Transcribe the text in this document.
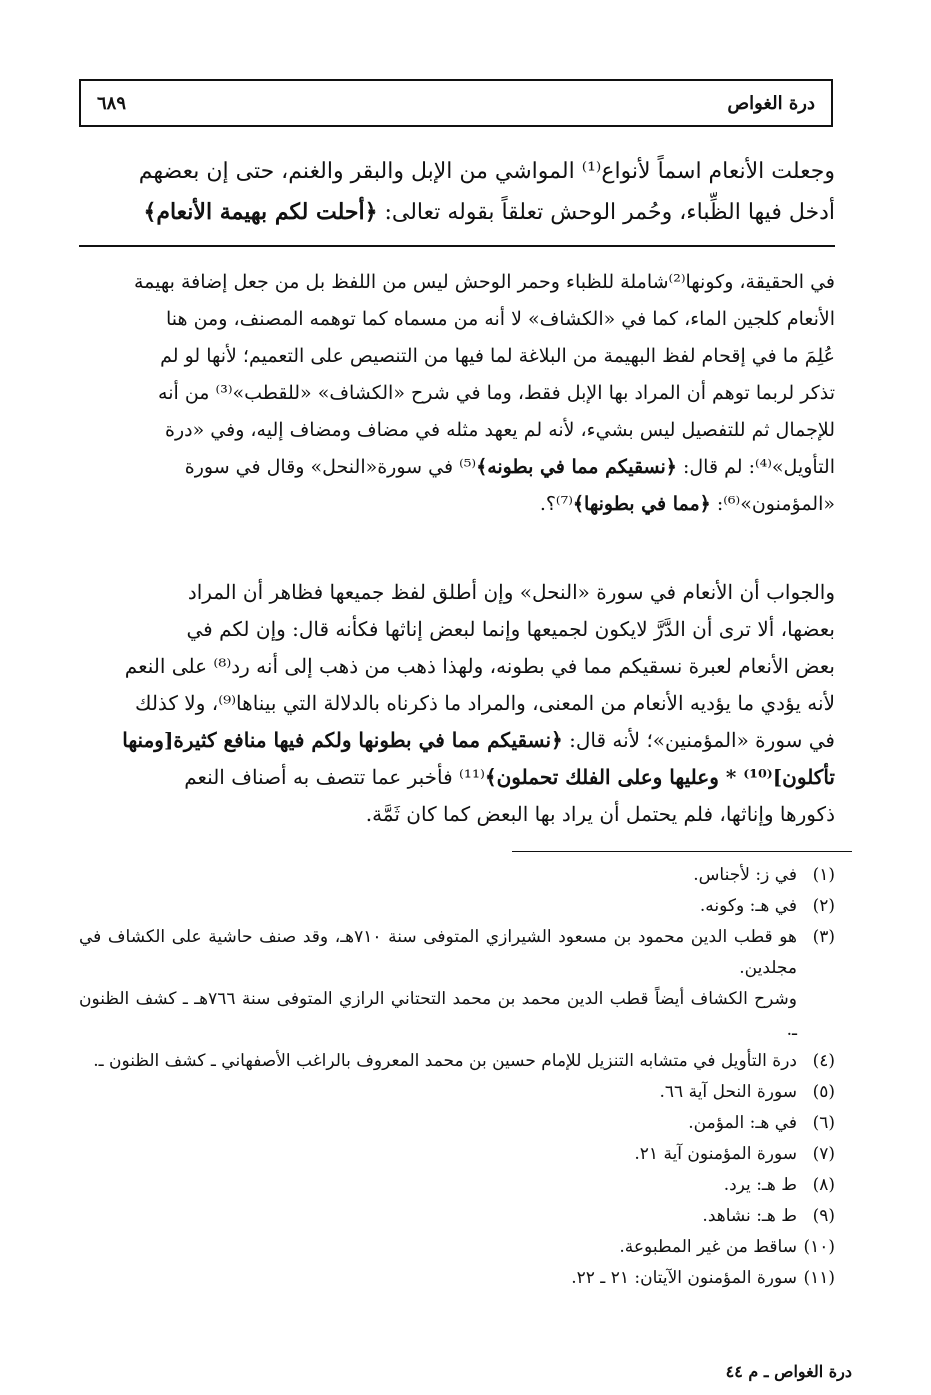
درة الغواص
٦٨٩
وجعلت الأنعام اسماً لأنواع⁽¹⁾ المواشي من الإبل والبقر والغنم، حتى إن بعضهم
أدخل فيها الظِّباء، وحُمر الوحش تعلقاً بقوله تعالى: ﴿أحلت لكم بهيمة الأنعام﴾
في الحقيقة، وكونها⁽²⁾شاملة للظباء وحمر الوحش ليس من اللفظ بل من جعل إضافة بهيمة
الأنعام كلجين الماء، كما في «الكشاف» لا أنه من مسماه كما توهمه المصنف، ومن هنا
عُلِمَ ما في إقحام لفظ البهيمة من البلاغة لما فيها من التنصيص على التعميم؛ لأنها لو لم
تذكر لربما توهم أن المراد بها الإبل فقط، وما في شرح «الكشاف» «للقطب»⁽³⁾ من أنه
للإجمال ثم للتفصيل ليس بشيء، لأنه لم يعهد مثله في مضاف ومضاف إليه، وفي «درة
التأويل»⁽⁴⁾: لم قال: ﴿نسقيكم مما في بطونه﴾⁽⁵⁾ في سورة«النحل» وقال في سورة
«المؤمنون»⁽⁶⁾: ﴿مما في بطونها﴾⁽⁷⁾؟.
والجواب أن الأنعام في سورة «النحل» وإن أطلق لفظ جميعها فظاهر أن المراد
بعضها، ألا ترى أن الدَّرَّ لايكون لجميعها وإنما لبعض إناثها فكأنه قال: وإن لكم في
بعض الأنعام لعبرة نسقيكم مما في بطونه، ولهذا ذهب من ذهب إلى أنه رد⁽⁸⁾ على النعم
لأنه يؤدي ما يؤديه الأنعام من المعنى، والمراد ما ذكرناه بالدلالة التي بيناها⁽⁹⁾، ولا كذلك
في سورة «المؤمنين»؛ لأنه قال: ﴿نسقيكم مما في بطونها ولكم فيها منافع كثيرة[ومنها
تأكلون]⁽¹⁰⁾ * وعليها وعلى الفلك تحملون﴾⁽¹¹⁾ فأخبر عما تتصف به أصناف النعم
ذكورها وإناثها، فلم يحتمل أن يراد بها البعض كما كان ثَمَّة.
(١)
في ز: لأجناس.
(٢)
في هـ: وكونه.
(٣)
هو قطب الدين محمود بن مسعود الشيرازي المتوفى سنة ٧١٠هـ، وقد صنف حاشية على الكشاف في مجلدين.
وشرح الكشاف أيضاً قطب الدين محمد بن محمد التحتاني الرازي المتوفى سنة ٧٦٦هـ ـ كشف الظنون ـ.
(٤)
درة التأويل في متشابه التنزيل للإمام حسين بن محمد المعروف بالراغب الأصفهاني ـ كشف الظنون ـ.
(٥)
سورة النحل آية ٦٦.
(٦)
في هـ: المؤمن.
(٧)
سورة المؤمنون آية ٢١.
(٨)
ط هـ: يرد.
(٩)
ط هـ: نشاهد.
(١٠)
ساقط من غير المطبوعة.
(١١)
سورة المؤمنون الآيتان: ٢١ ـ ٢٢.
درة الغواص ـ م ٤٤
